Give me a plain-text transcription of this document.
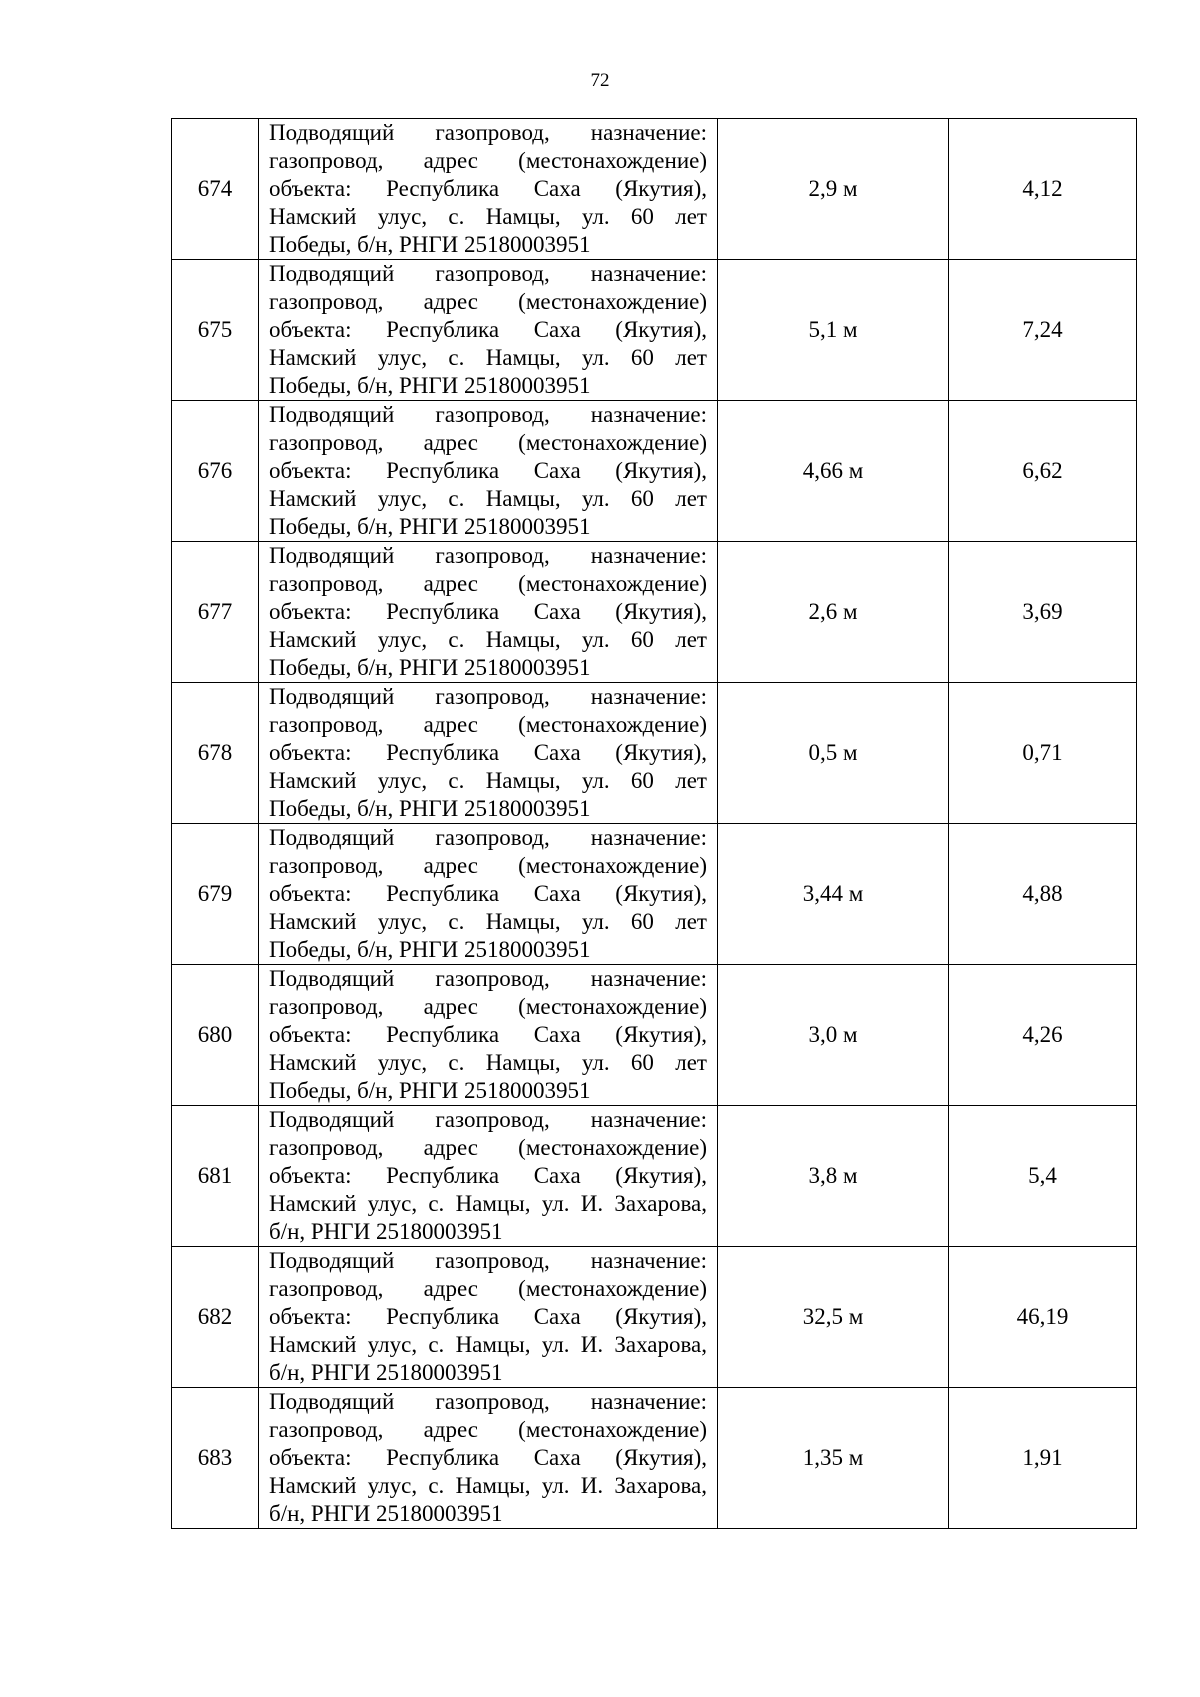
72
674	Подводящий газопровод, назначение:
газопровод, адрес (местонахождение)
объекта: Республика Саха (Якутия),
Намский улус, с. Намцы, ул. 60 лет
Победы, б/н, РНГИ 25180003951	2,9 м	4,12
675	Подводящий газопровод, назначение:
газопровод, адрес (местонахождение)
объекта: Республика Саха (Якутия),
Намский улус, с. Намцы, ул. 60 лет
Победы, б/н, РНГИ 25180003951	5,1 м	7,24
676	Подводящий газопровод, назначение:
газопровод, адрес (местонахождение)
объекта: Республика Саха (Якутия),
Намский улус, с. Намцы, ул. 60 лет
Победы, б/н, РНГИ 25180003951	4,66 м	6,62
677	Подводящий газопровод, назначение:
газопровод, адрес (местонахождение)
объекта: Республика Саха (Якутия),
Намский улус, с. Намцы, ул. 60 лет
Победы, б/н, РНГИ 25180003951	2,6 м	3,69
678	Подводящий газопровод, назначение:
газопровод, адрес (местонахождение)
объекта: Республика Саха (Якутия),
Намский улус, с. Намцы, ул. 60 лет
Победы, б/н, РНГИ 25180003951	0,5 м	0,71
679	Подводящий газопровод, назначение:
газопровод, адрес (местонахождение)
объекта: Республика Саха (Якутия),
Намский улус, с. Намцы, ул. 60 лет
Победы, б/н, РНГИ 25180003951	3,44 м	4,88
680	Подводящий газопровод, назначение:
газопровод, адрес (местонахождение)
объекта: Республика Саха (Якутия),
Намский улус, с. Намцы, ул. 60 лет
Победы, б/н, РНГИ 25180003951	3,0 м	4,26
681	Подводящий газопровод, назначение:
газопровод, адрес (местонахождение)
объекта: Республика Саха (Якутия),
Намский улус, с. Намцы, ул. И. Захарова,
б/н, РНГИ 25180003951	3,8 м	5,4
682	Подводящий газопровод, назначение:
газопровод, адрес (местонахождение)
объекта: Республика Саха (Якутия),
Намский улус, с. Намцы, ул. И. Захарова,
б/н, РНГИ 25180003951	32,5 м	46,19
683	Подводящий газопровод, назначение:
газопровод, адрес (местонахождение)
объекта: Республика Саха (Якутия),
Намский улус, с. Намцы, ул. И. Захарова,
б/н, РНГИ 25180003951	1,35 м	1,91
